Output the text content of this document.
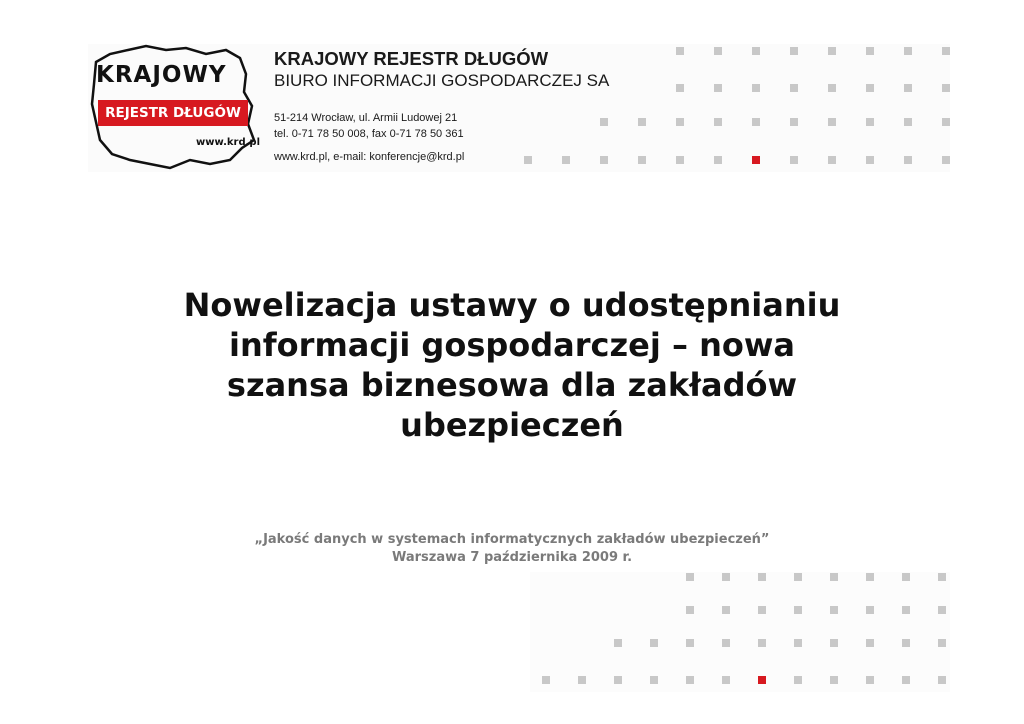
KRAJOWY
REJESTR DŁUGÓW
www.krd.pl
KRAJOWY REJESTR DŁUGÓW
BIURO INFORMACJI GOSPODARCZEJ SA
51-214 Wrocław, ul. Armii Ludowej 21
tel. 0-71 78 50 008, fax 0-71 78 50 361
www.krd.pl, e-mail: konferencje@krd.pl
Nowelizacja ustawy o udostępnianiu
informacji gospodarczej – nowa
szansa biznesowa dla zakładów
ubezpieczeń
„Jakość danych w systemach informatycznych zakładów ubezpieczeń”
Warszawa 7 października 2009 r.
